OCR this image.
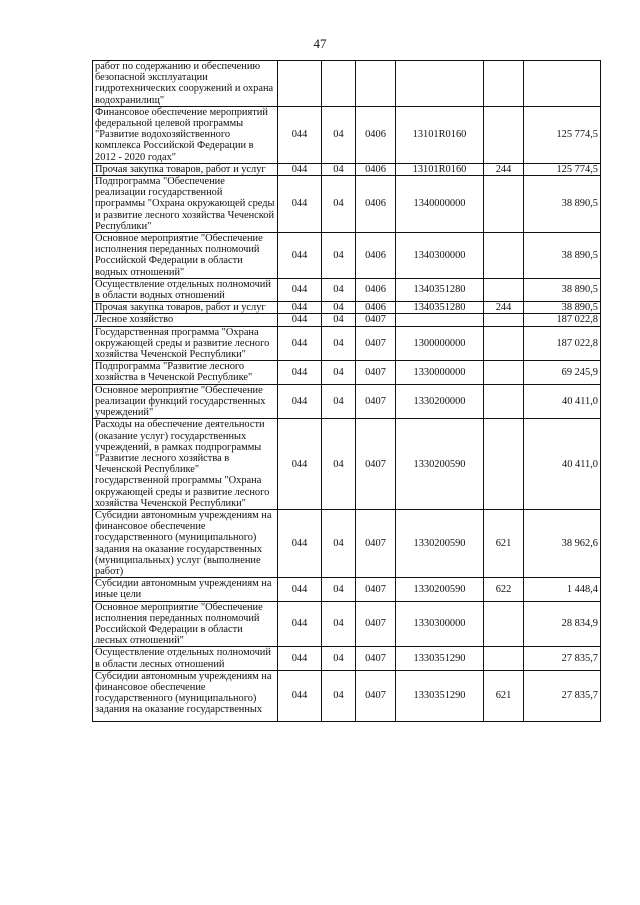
47
работ по содержанию и обеспечению безопасной эксплуатации гидротехнических сооружений и охрана водохранилищ"						
Финансовое обеспечение мероприятий федеральной целевой программы "Развитие водохозяйственного комплекса Российской Федерации в 2012 - 2020 годах"	044	04	0406	13101R0160		125 774,5
Прочая закупка товаров, работ и услуг	044	04	0406	13101R0160	244	125 774,5
Подпрограмма "Обеспечение реализации государственной программы "Охрана окружающей среды и развитие лесного хозяйства Чеченской Республики"	044	04	0406	1340000000		38 890,5
Основное мероприятие "Обеспечение исполнения переданных полномочий Российской Федерации в области водных отношений"	044	04	0406	1340300000		38 890,5
Осуществление отдельных полномочий в области водных отношений	044	04	0406	1340351280		38 890,5
Прочая закупка товаров, работ и услуг	044	04	0406	1340351280	244	38 890,5
Лесное хозяйство	044	04	0407			187 022,8
Государственная программа "Охрана окружающей среды и развитие лесного хозяйства Чеченской Республики"	044	04	0407	1300000000		187 022,8
Подпрограмма "Развитие лесного хозяйства в Чеченской Республике"	044	04	0407	1330000000		69 245,9
Основное мероприятие "Обеспечение реализации функций государственных учреждений"	044	04	0407	1330200000		40 411,0
Расходы на обеспечение деятельности (оказание услуг) государственных учреждений, в рамках подпрограммы "Развитие лесного хозяйства в Чеченской Республике" государственной программы "Охрана окружающей среды и развитие лесного хозяйства Чеченской Республики"	044	04	0407	1330200590		40 411,0
Субсидии автономным учреждениям на финансовое обеспечение государственного (муниципального) задания на оказание государственных (муниципальных) услуг (выполнение работ)	044	04	0407	1330200590	621	38 962,6
Субсидии автономным учреждениям на иные цели	044	04	0407	1330200590	622	1 448,4
Основное мероприятие "Обеспечение исполнения переданных полномочий Российской Федерации в области лесных отношений"	044	04	0407	1330300000		28 834,9
Осуществление отдельных полномочий в области лесных отношений	044	04	0407	1330351290		27 835,7

Субсидии автономным учреждениям на финансовое обеспечение государственного (муниципального) задания на оказание государственных	044	04	0407	1330351290	621	27 835,7
